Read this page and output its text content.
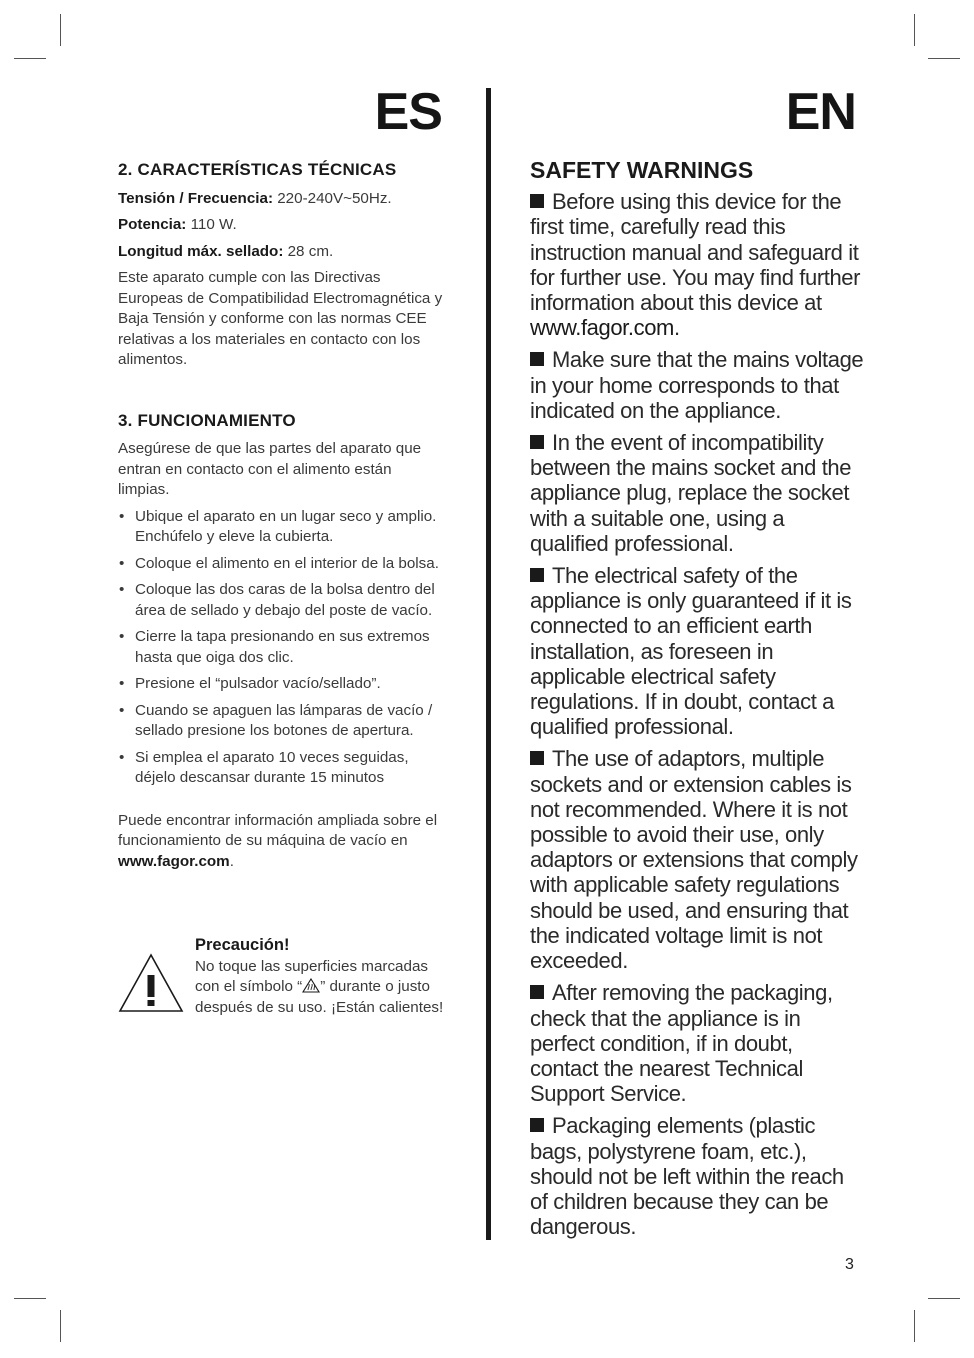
ES	EN
2. CARACTERÍSTICAS TÉCNICAS
Tensión / Frecuencia: 220-240V~50Hz.
Potencia: 110 W.
Longitud máx. sellado: 28 cm.
Este aparato cumple con las Directivas Europeas de Compatibilidad Electromagnética y Baja Tensión y conforme con las normas CEE relativas a los materiales en contacto con los alimentos.
3. FUNCIONAMIENTO
Asegúrese de que las partes del aparato que entran en contacto con el alimento están limpias.
• Ubique el aparato en un lugar seco y amplio. Enchúfelo y eleve la cubierta.
• Coloque el alimento en el interior de la bolsa.
• Coloque las dos caras de la bolsa dentro del área de sellado y debajo del poste de vacío.
• Cierre la tapa presionando en sus extremos hasta que oiga dos clic.
• Presione el “pulsador vacío/sellado”.
• Cuando se apaguen las lámparas de vacío / sellado presione los botones de apertura.
• Si emplea el aparato 10 veces seguidas, déjelo descansar durante 15 minutos
Puede encontrar información ampliada sobre el funcionamiento de su máquina de vacío en www.fagor.com.
Precaución!
No toque las superficies marcadas con el símbolo “ ” durante o justo después de su uso. ¡Están calientes!
SAFETY WARNINGS
Before using this device for the first time, carefully read this instruction manual and safeguard it for further use. You may find further information about this device at www.fagor.com.
Make sure that the mains voltage in your home corresponds to that indicated on the appliance.
In the event of incompatibility between the mains socket and the appliance plug, replace the socket with a suitable one, using a qualified professional.
The electrical safety of the appliance is only guaranteed if it is connected to an efficient earth installation, as foreseen in applicable electrical safety regulations. If in doubt, contact a qualified professional.
The use of adaptors, multiple sockets and or extension cables is not recommended. Where it is not possible to avoid their use, only adaptors or extensions that comply with applicable safety regulations should be used, and ensuring that the indicated voltage limit is not exceeded.
After removing the packaging, check that the appliance is in perfect condition, if in doubt, contact the nearest Technical Support Service.
Packaging elements (plastic bags, polystyrene foam, etc.), should not be left within the reach of children because they can be dangerous.
3
